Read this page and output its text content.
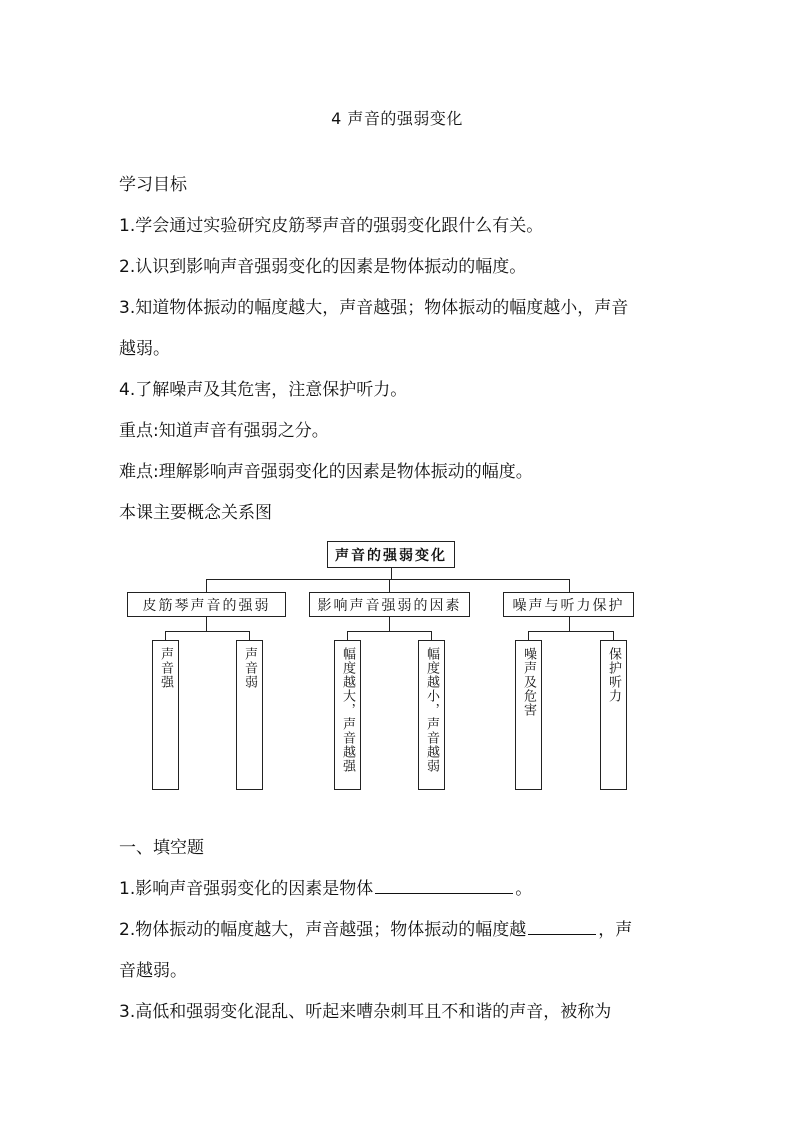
4 声音的强弱变化
学习目标
1.学会通过实验研究皮筋琴声音的强弱变化跟什么有关。
2.认识到影响声音强弱变化的因素是物体振动的幅度。
3.知道物体振动的幅度越大，声音越强；物体振动的幅度越小，声音
越弱。
4.了解噪声及其危害，注意保护听力。
重点:知道声音有强弱之分。
难点:理解影响声音强弱变化的因素是物体振动的幅度。
本课主要概念关系图
声音的强弱变化
皮筋琴声音的强弱	影响声音强弱的因素	噪声与听力保护
声音强	声音弱	幅度越大，声音越强	幅度越小，声音越弱	噪声及危害	保护听力
一、填空题
1.影响声音强弱变化的因素是物体	。
2.物体振动的幅度越大，声音越强；物体振动的幅度越	，声
音越弱。
3.高低和强弱变化混乱、听起来嘈杂刺耳且不和谐的声音，被称为
